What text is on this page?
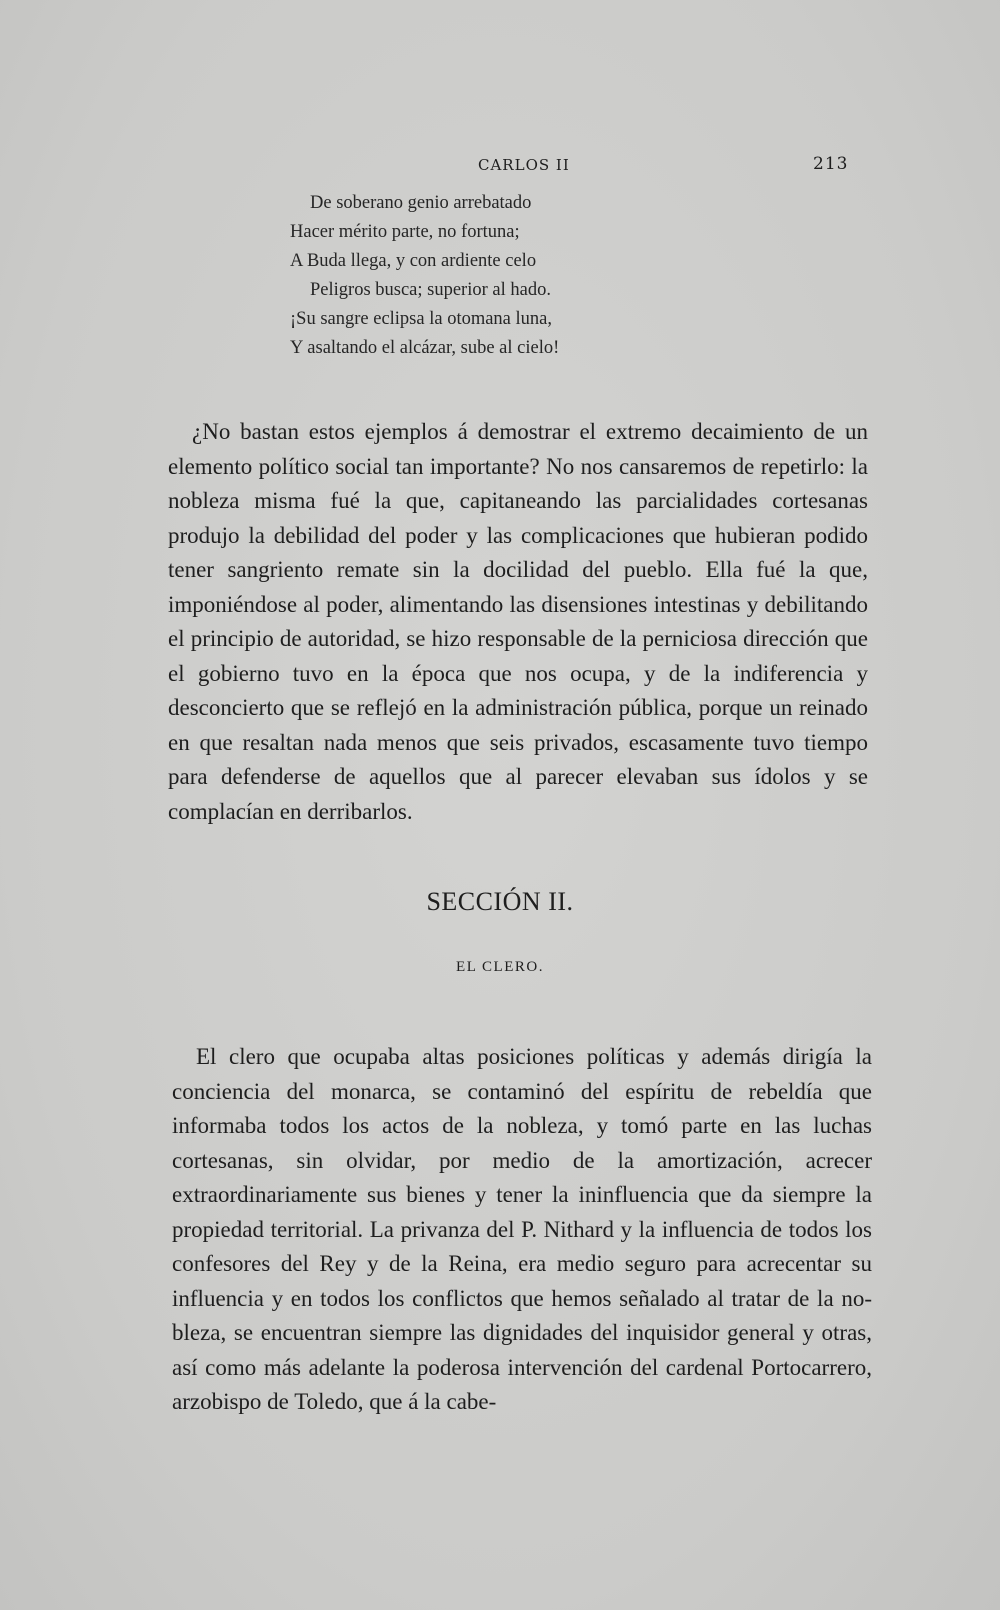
CARLOS II	213
De soberano genio arrebatado
Hacer mérito parte, no fortuna;
A Buda llega, y con ardiente celo
Peligros busca; superior al hado.
¡Su sangre eclipsa la otomana luna,
Y asaltando el alcázar, sube al cielo!

¿No bastan estos ejemplos á demostrar el extremo decaimiento de un elemento político social tan importante? No nos cansaremos de repetirlo: la nobleza misma fué la que, capitaneando las parcialidades cortesanas produjo la debilidad del poder y las complicaciones que hubieran podido tener sangriento remate sin la docilidad del pueblo. Ella fué la que, imponiéndose al poder, alimentando las disensiones intestinas y debilitando el principio de autoridad, se hizo responsable de la perniciosa dirección que el gobierno tuvo en la época que nos ocupa, y de la indiferencia y desconcierto que se reflejó en la administración pública, porque un reinado en que resaltan nada menos que seis privados, escasamente tuvo tiempo para defenderse de aquellos que al parecer elevaban sus ídolos y se complacían en derribarlos.

SECCIÓN II.
EL CLERO.

El clero que ocupaba altas posiciones políticas y además dirigía la conciencia del monarca, se contaminó del espíritu de rebeldía que informaba todos los actos de la nobleza, y tomó parte en las luchas cortesanas, sin olvidar, por medio de la amortización, acrecer extraordinariamente sus bienes y tener la ininfluencia que da siempre la propiedad territorial. La privanza del P. Nithard y la influencia de todos los confesores del Rey y de la Reina, era medio seguro para acrecentar su influencia y en todos los conflictos que hemos señalado al tratar de la nobleza, se encuentran siempre las dignidades del inquisidor general y otras, así como más adelante la poderosa intervención del cardenal Portocarrero, arzobispo de Toledo, que á la cabe-
